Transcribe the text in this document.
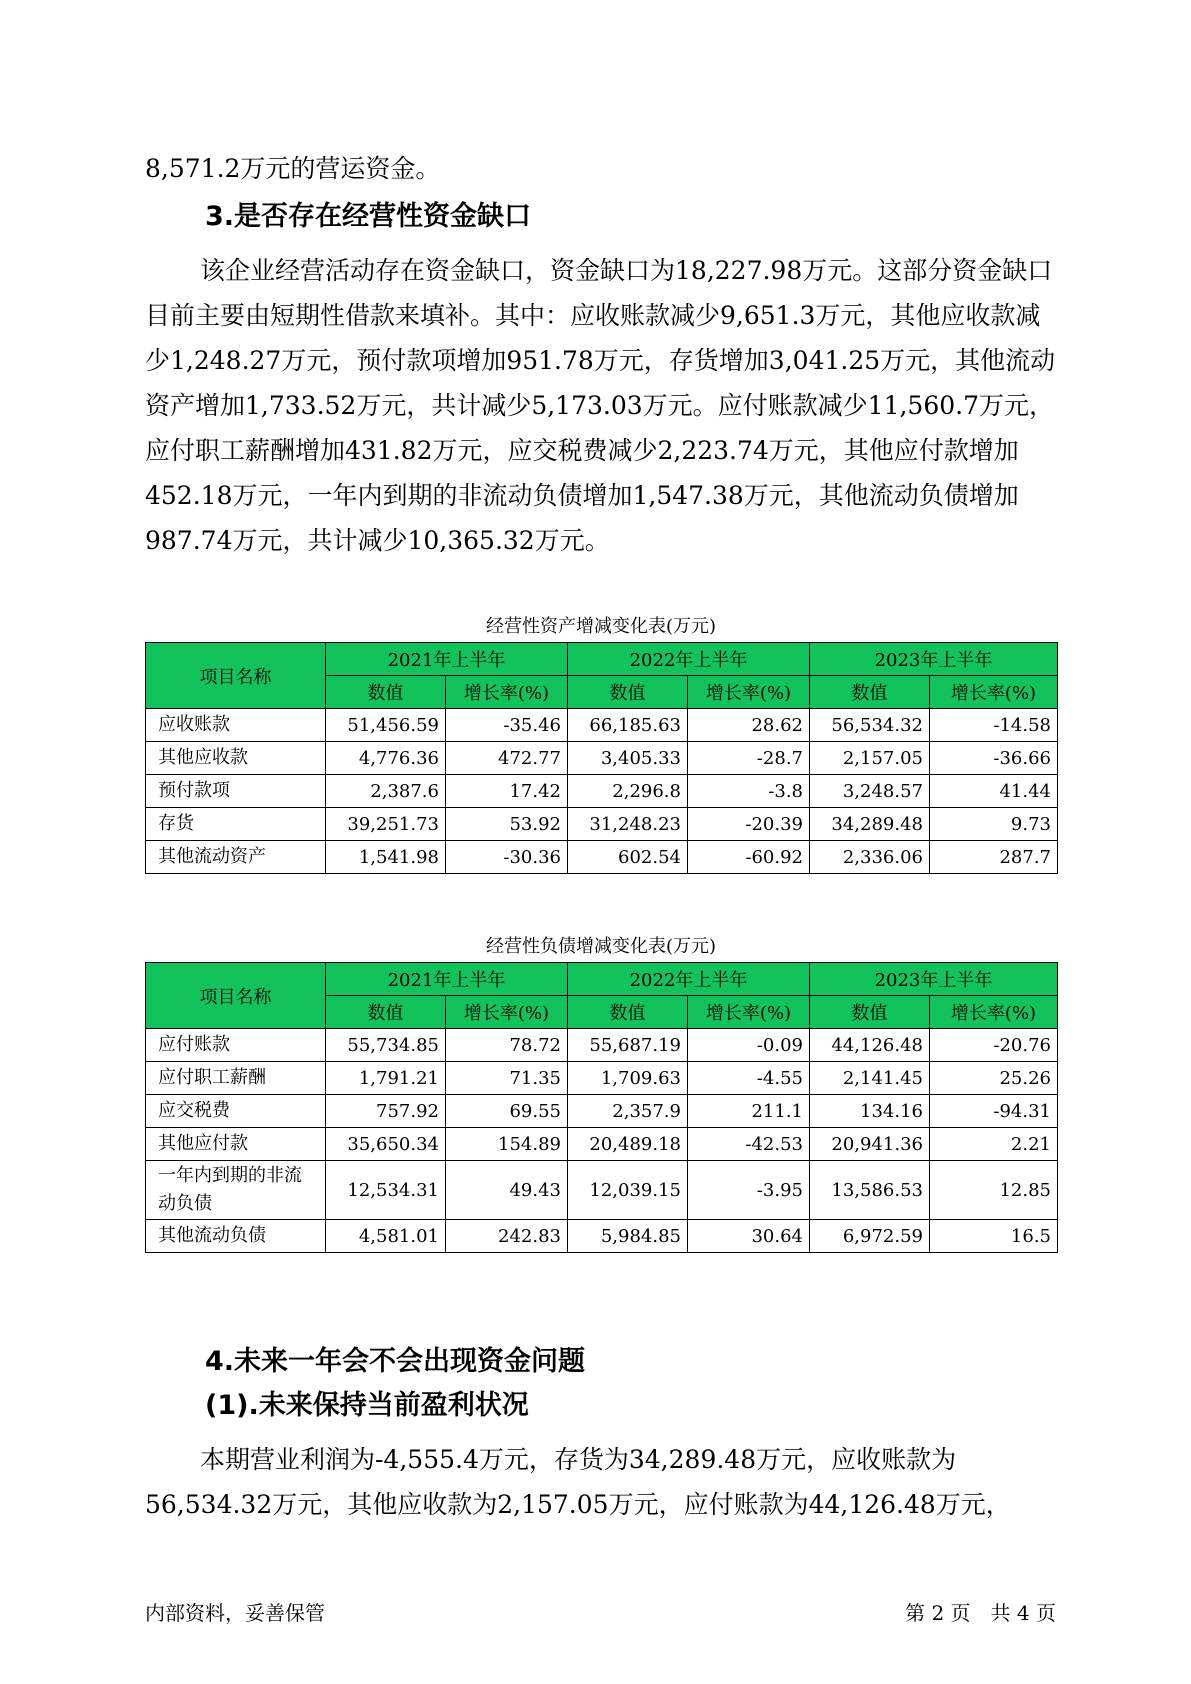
8,571.2万元的营运资金。

3.是否存在经营性资金缺口

该企业经营活动存在资金缺口，资金缺口为18,227.98万元。这部分资金缺口目前主要由短期性借款来填补。其中：应收账款减少9,651.3万元，其他应收款减少1,248.27万元，预付款项增加951.78万元，存货增加3,041.25万元，其他流动资产增加1,733.52万元，共计减少5,173.03万元。应付账款减少11,560.7万元，应付职工薪酬增加431.82万元，应交税费减少2,223.74万元，其他应付款增加452.18万元，一年内到期的非流动负债增加1,547.38万元，其他流动负债增加987.74万元，共计减少10,365.32万元。

经营性资产增减变化表(万元)
项目名称	2021年上半年		2022年上半年		2023年上半年	
	数值	增长率(%)	数值	增长率(%)	数值	增长率(%)
应收账款	51,456.59	-35.46	66,185.63	28.62	56,534.32	-14.58
其他应收款	4,776.36	472.77	3,405.33	-28.7	2,157.05	-36.66
预付款项	2,387.6	17.42	2,296.8	-3.8	3,248.57	41.44
存货	39,251.73	53.92	31,248.23	-20.39	34,289.48	9.73
其他流动资产	1,541.98	-30.36	602.54	-60.92	2,336.06	287.7
经营性负债增减变化表(万元)
项目名称	2021年上半年		2022年上半年		2023年上半年	
	数值	增长率(%)	数值	增长率(%)	数值	增长率(%)
应付账款	55,734.85	78.72	55,687.19	-0.09	44,126.48	-20.76
应付职工薪酬	1,791.21	71.35	1,709.63	-4.55	2,141.45	25.26
应交税费	757.92	69.55	2,357.9	211.1	134.16	-94.31
其他应付款	35,650.34	154.89	20,489.18	-42.53	20,941.36	2.21
一年内到期的非流动负债	12,534.31	49.43	12,039.15	-3.95	13,586.53	12.85
其他流动负债	4,581.01	242.83	5,984.85	30.64	6,972.59	16.5
4.未来一年会不会出现资金问题
(1).未来保持当前盈利状况

本期营业利润为-4,555.4万元，存货为34,289.48万元，应收账款为56,534.32万元，其他应收款为2,157.05万元，应付账款为44,126.48万元，

内部资料，妥善保管	第 2 页　共 4 页
